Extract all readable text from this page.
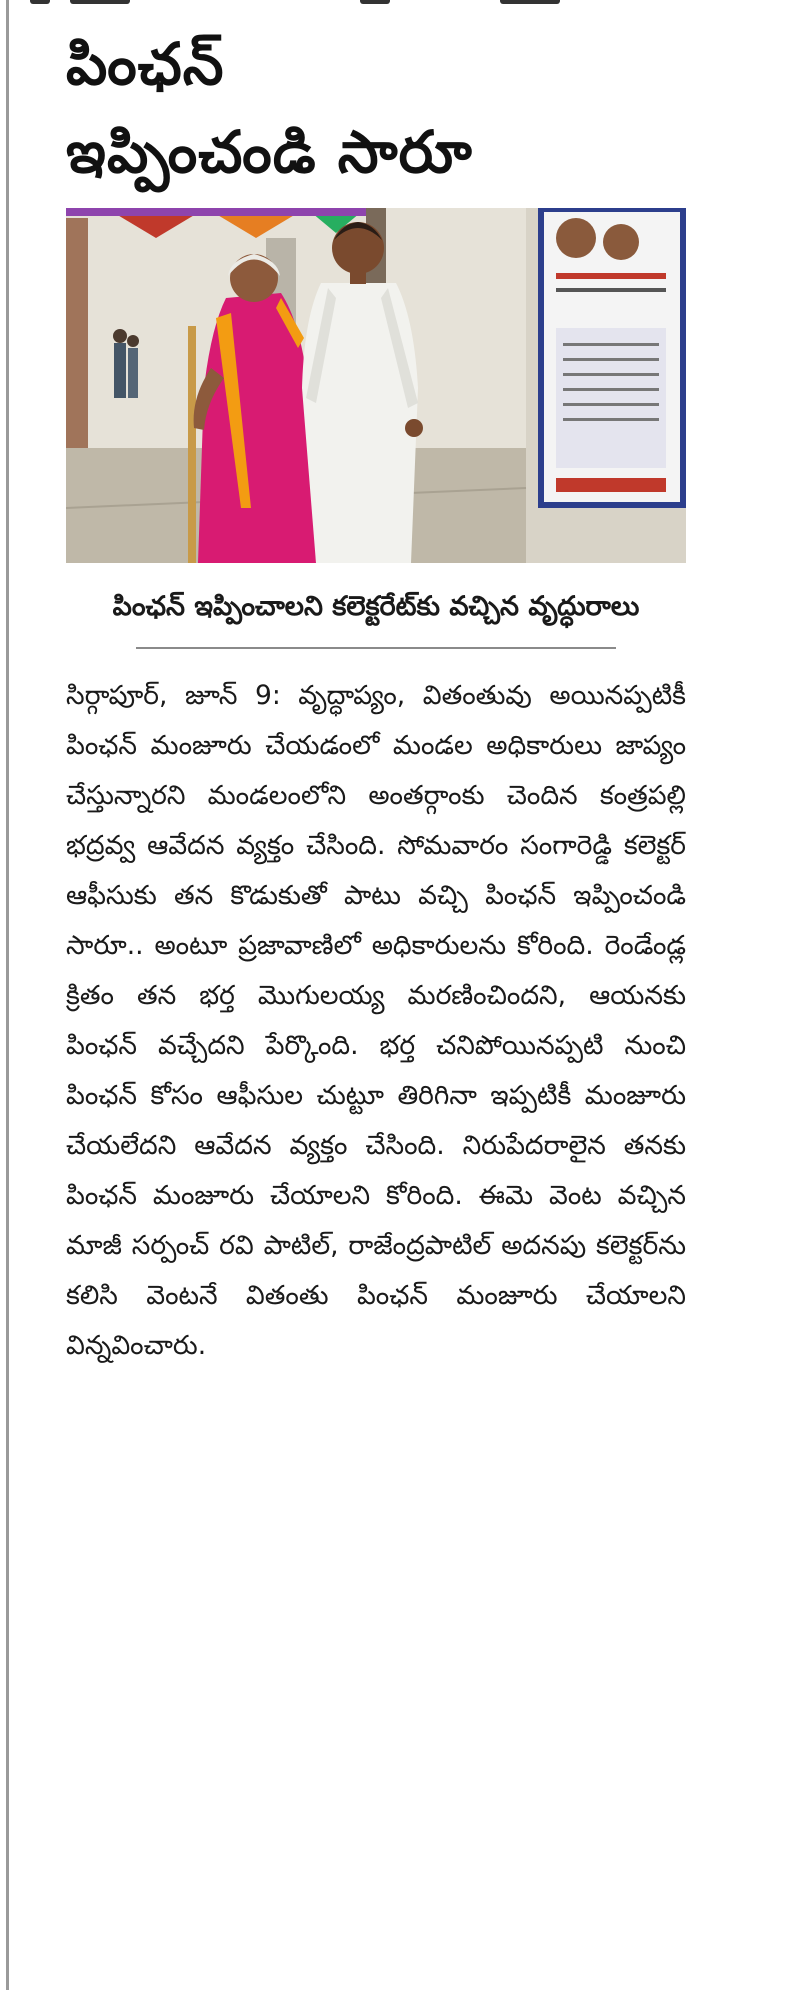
పింఛన్
ఇప్పించండి సారూ

పింఛన్ ఇప్పించాలని కలెక్టరేట్‌కు వచ్చిన వృద్ధురాలు

సిర్గాపూర్, జూన్ 9: వృద్ధాప్యం, వితంతువు అయినప్పటికీ పింఛన్ మంజూరు చేయడంలో మండల అధికారులు జాప్యం చేస్తున్నారని మండలంలోని అంతర్గాంకు చెందిన కంత్రపల్లి భద్రవ్వ ఆవేదన వ్యక్తం చేసింది. సోమవారం సంగారెడ్డి కలెక్టర్ ఆఫీసుకు తన కొడుకుతో పాటు వచ్చి పింఛన్ ఇప్పించండి సారూ.. అంటూ ప్రజావాణిలో అధికారులను కోరింది. రెండేండ్ల క్రితం తన భర్త మొగులయ్య మరణించిందని, ఆయనకు పింఛన్ వచ్చేదని పేర్కొంది. భర్త చనిపోయినప్పటి నుంచి పింఛన్ కోసం ఆఫీసుల చుట్టూ తిరిగినా ఇప్పటికీ మంజూరు చేయలేదని ఆవేదన వ్యక్తం చేసింది. నిరుపేదరాలైన తనకు పింఛన్ మంజూరు చేయాలని కోరింది. ఈమె వెంట వచ్చిన మాజీ సర్పంచ్ రవి పాటిల్, రాజేంద్రపాటిల్ అదనపు కలెక్టర్‌ను కలిసి వెంటనే వితంతు పింఛన్ మంజూరు చేయాలని విన్నవించారు.
